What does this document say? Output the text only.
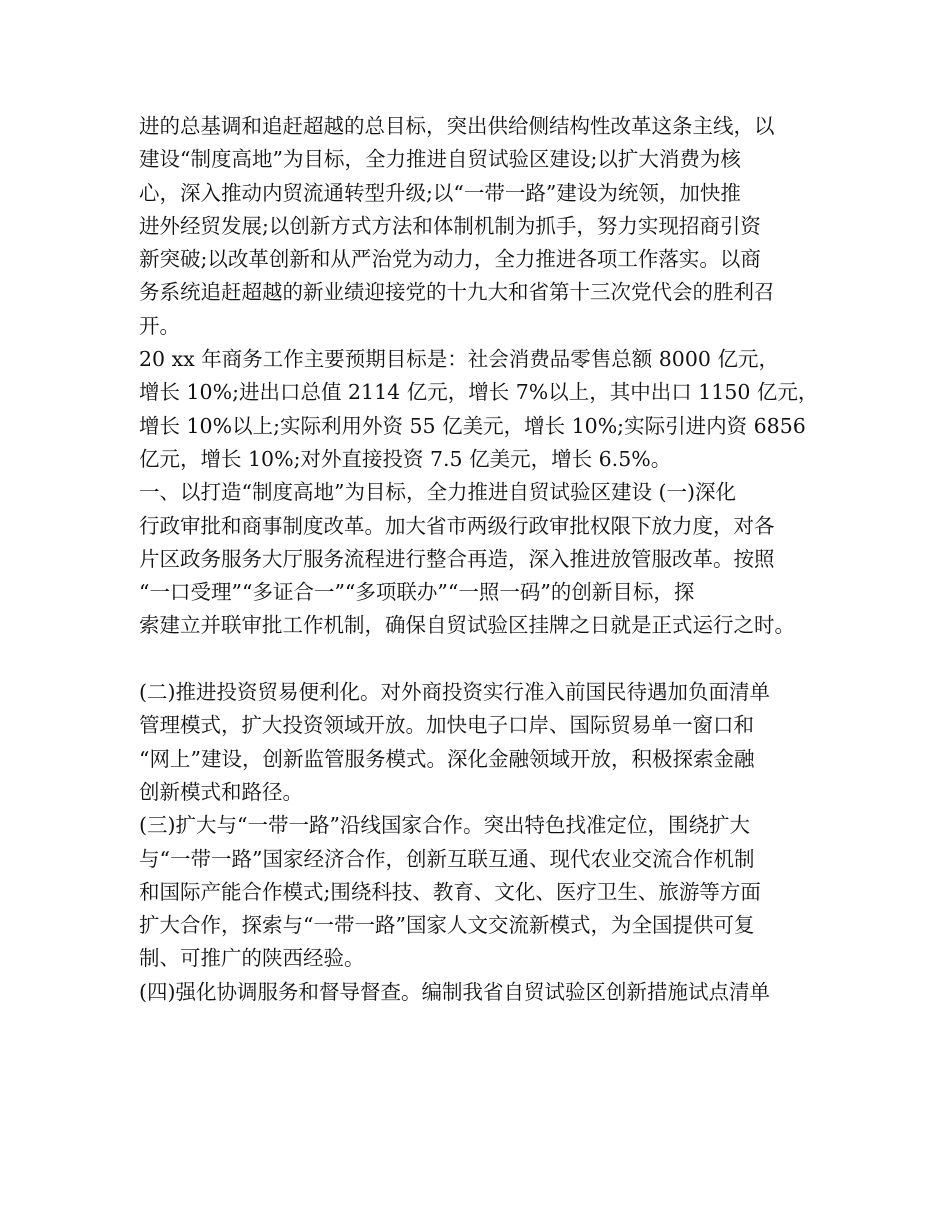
进的总基调和追赶超越的总目标，突出供给侧结构性改革这条主线，以
建设“制度高地”为目标，全力推进自贸试验区建设;以扩大消费为核
心，深入推动内贸流通转型升级;以“一带一路”建设为统领，加快推
进外经贸发展;以创新方式方法和体制机制为抓手，努力实现招商引资
新突破;以改革创新和从严治党为动力，全力推进各项工作落实。以商
务系统追赶超越的新业绩迎接党的十九大和省第十三次党代会的胜利召
开。
20 xx 年商务工作主要预期目标是：社会消费品零售总额 8000 亿元，
增长 10%;进出口总值 2114 亿元，增长 7%以上，其中出口 1150 亿元，
增长 10%以上;实际利用外资 55 亿美元，增长 10%;实际引进内资 6856
亿元，增长 10%;对外直接投资 7.5 亿美元，增长 6.5%。
一、以打造“制度高地”为目标，全力推进自贸试验区建设 (一)深化
行政审批和商事制度改革。加大省市两级行政审批权限下放力度，对各
片区政务服务大厅服务流程进行整合再造，深入推进放管服改革。按照
“一口受理”“多证合一”“多项联办”“一照一码”的创新目标，探
索建立并联审批工作机制，确保自贸试验区挂牌之日就是正式运行之时。
(二)推进投资贸易便利化。对外商投资实行准入前国民待遇加负面清单
管理模式，扩大投资领域开放。加快电子口岸、国际贸易单一窗口和
“网上”建设，创新监管服务模式。深化金融领域开放，积极探索金融
创新模式和路径。
(三)扩大与“一带一路”沿线国家合作。突出特色找准定位，围绕扩大
与“一带一路”国家经济合作，创新互联互通、现代农业交流合作机制
和国际产能合作模式;围绕科技、教育、文化、医疗卫生、旅游等方面
扩大合作，探索与“一带一路”国家人文交流新模式，为全国提供可复
制、可推广的陕西经验。
(四)强化协调服务和督导督查。编制我省自贸试验区创新措施试点清单
